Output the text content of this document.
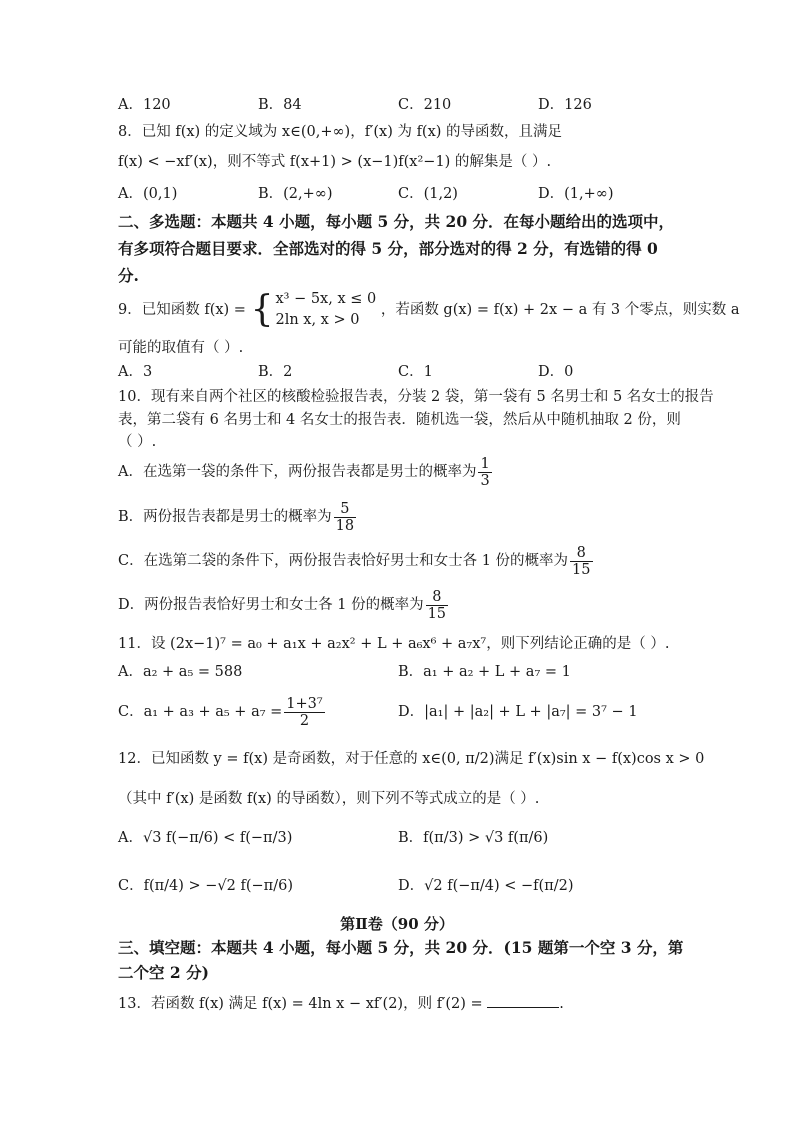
A．120	B．84	C．210	D．126
8．已知 f(x) 的定义域为 x∈(0,+∞)，f′(x) 为 f(x) 的导函数，且满足
f(x) < −xf′(x)，则不等式 f(x+1) > (x−1)f(x²−1) 的解集是（ ）.
A．(0,1)	B．(2,+∞)	C．(1,2)	D．(1,+∞)
二、多选题：本题共 4 小题，每小题 5 分，共 20 分．在每小题给出的选项中，
有多项符合题目要求．全部选对的得 5 分，部分选对的得 2 分，有选错的得 0
分.
9．已知函数 f(x) = { x³ − 5x, x ≤ 0
2ln x, x > 0
，若函数 g(x) = f(x) + 2x − a 有 3 个零点，则实数 a
可能的取值有（ ）.
A．3	B．2	C．1	D．0
10．现有来自两个社区的核酸检验报告表，分装 2 袋，第一袋有 5 名男士和 5 名女士的报告
表，第二袋有 6 名男士和 4 名女士的报告表．随机选一袋，然后从中随机抽取 2 份，则
（ ）.
A．在选第一袋的条件下，两份报告表都是男士的概率为 $\frac{1}{3}$
B．两份报告表都是男士的概率为 $\frac{5}{18}$
C．在选第二袋的条件下，两份报告表恰好男士和女士各 1 份的概率为 $\frac{8}{15}$
D．两份报告表恰好男士和女士各 1 份的概率为 $\frac{8}{15}$
11．设 (2x−1)⁷ = a₀ + a₁x + a₂x² + L + a₆x⁶ + a₇x⁷，则下列结论正确的是（ ）.
A．a₂ + a₅ = 588	B．a₁ + a₂ + L + a₇ = 1
C．$a_1 + a_3 + a_5 + a_7 = \frac{\text{1+3⁷}}{2}$	D．|a₁| + |a₂| + L + |a₇| = 3⁷ − 1
12．已知函数 y = f(x) 是奇函数，对于任意的 x∈(0, π/2)满足 f′(x)sin x − f(x)cos x > 0
（其中 f′(x) 是函数 f(x) 的导函数），则下列不等式成立的是（ ）.
A．√3 f(−π/6) < f(−π/3)	B．f(π/3) > √3 f(π/6)
C．f(π/4) > −√2 f(−π/6)	D．√2 f(−π/4) < −f(π/2)
第Ⅱ卷（90 分）
三、填空题：本题共 4 小题，每小题 5 分，共 20 分．(15 题第一个空 3 分，第
二个空 2 分)
13．若函数 f(x) 满足 f(x) = 4ln x − xf′(2)，则 f′(2) =	.
